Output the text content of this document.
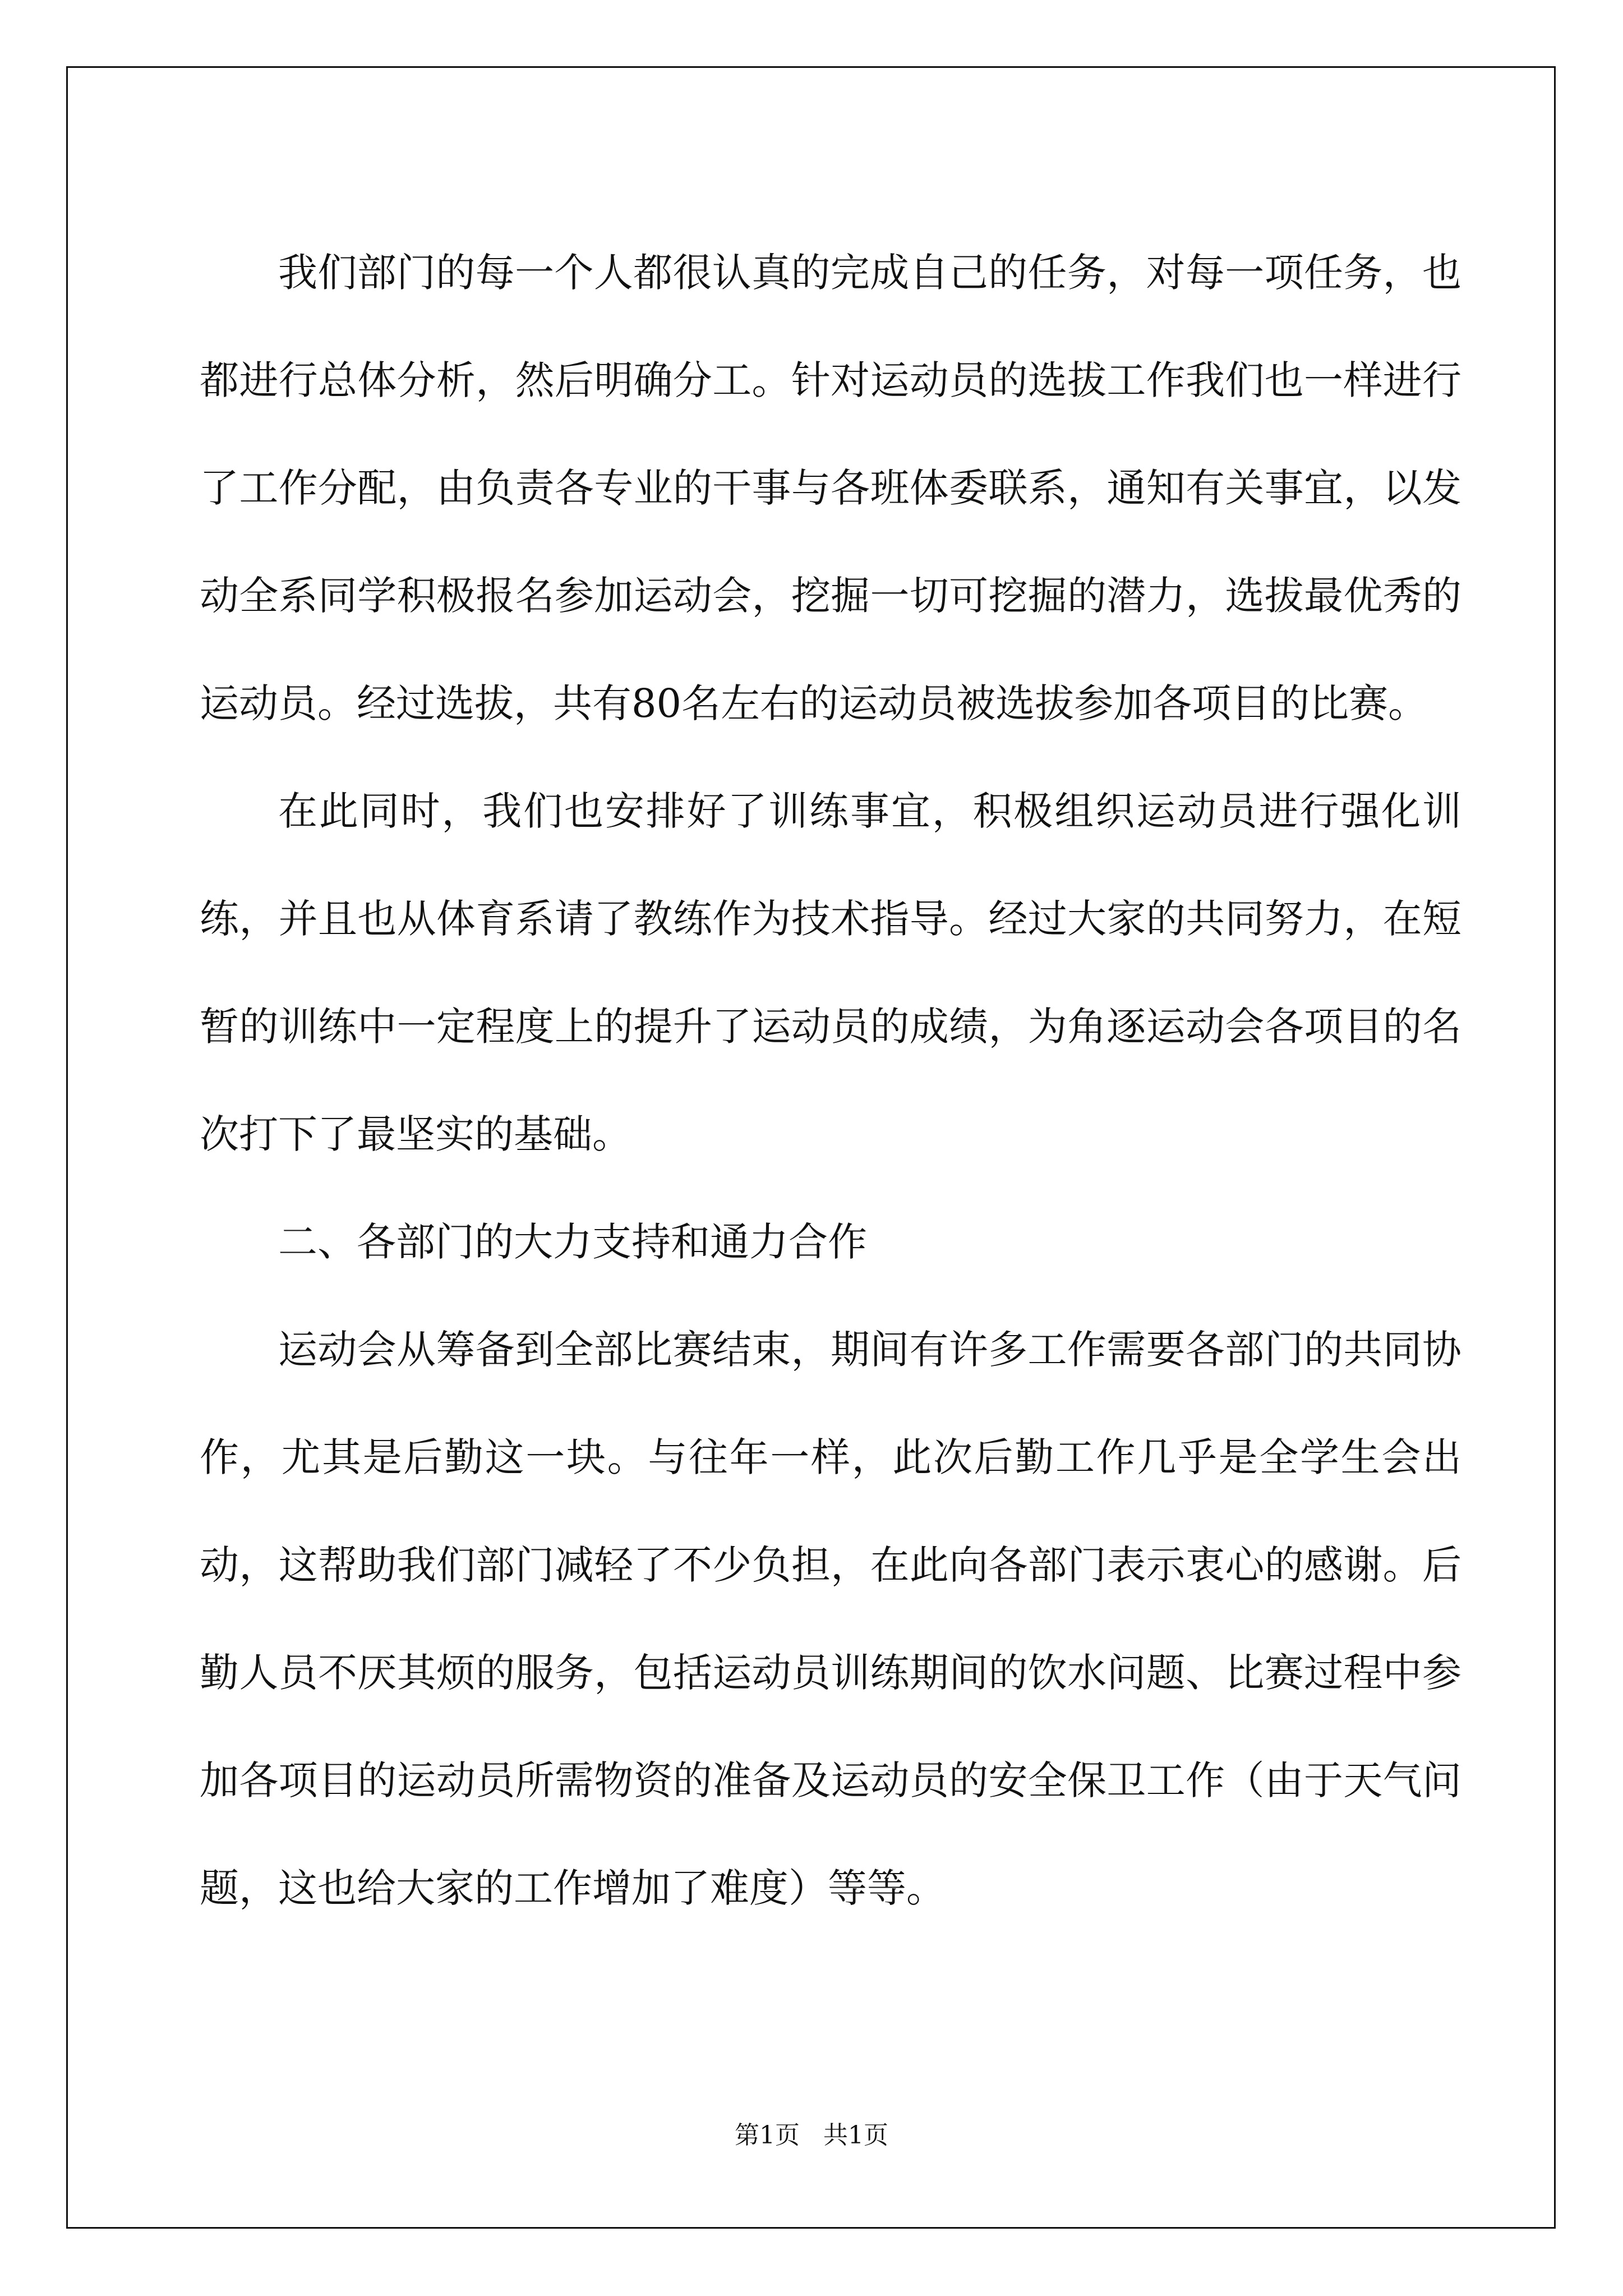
我们部门的每一个人都很认真的完成自己的任务，对每一项任务，也都进行总体分析，然后明确分工。针对运动员的选拔工作我们也一样进行了工作分配，由负责各专业的干事与各班体委联系，通知有关事宜，以发动全系同学积极报名参加运动会，挖掘一切可挖掘的潜力，选拔最优秀的运动员。经过选拔，共有80名左右的运动员被选拔参加各项目的比赛。

在此同时，我们也安排好了训练事宜，积极组织运动员进行强化训练，并且也从体育系请了教练作为技术指导。经过大家的共同努力，在短暂的训练中一定程度上的提升了运动员的成绩，为角逐运动会各项目的名次打下了最坚实的基础。

二、各部门的大力支持和通力合作

运动会从筹备到全部比赛结束，期间有许多工作需要各部门的共同协作，尤其是后勤这一块。与往年一样，此次后勤工作几乎是全学生会出动，这帮助我们部门减轻了不少负担，在此向各部门表示衷心的感谢。后勤人员不厌其烦的服务，包括运动员训练期间的饮水问题、比赛过程中参加各项目的运动员所需物资的准备及运动员的安全保卫工作（由于天气问题，这也给大家的工作增加了难度）等等。

第1页   共1页
